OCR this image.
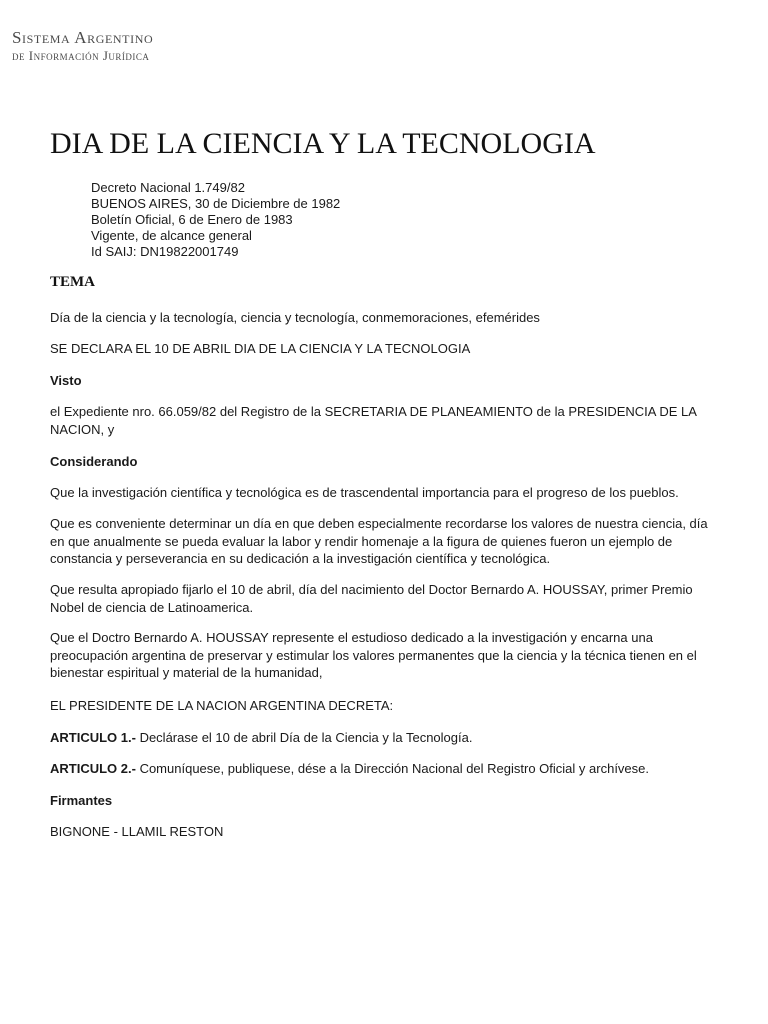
Sistema Argentino
de Información Jurídica
DIA DE LA CIENCIA Y LA TECNOLOGIA
Decreto Nacional 1.749/82
BUENOS AIRES, 30 de Diciembre de 1982
Boletín Oficial, 6 de Enero de 1983
Vigente, de alcance general
Id SAIJ: DN19822001749
TEMA

Día de la ciencia y la tecnología, ciencia y tecnología, conmemoraciones, efemérides

SE DECLARA EL 10 DE ABRIL DIA DE LA CIENCIA Y LA TECNOLOGIA

Visto

el Expediente nro. 66.059/82 del Registro de la SECRETARIA DE PLANEAMIENTO de la PRESIDENCIA DE LA NACION, y

Considerando

Que la investigación científica y tecnológica es de trascendental importancia para el progreso de los pueblos.

Que es conveniente determinar un día en que deben especialmente recordarse los valores de nuestra ciencia, día en que anualmente se pueda evaluar la labor y rendir homenaje a la figura de quienes fueron un ejemplo de constancia y perseverancia en su dedicación a la investigación científica y tecnológica.

Que resulta apropiado fijarlo el 10 de abril, día del nacimiento del Doctor Bernardo A. HOUSSAY, primer Premio Nobel de ciencia de Latinoamerica.

Que el Doctro Bernardo A. HOUSSAY represente el estudioso dedicado a la investigación y encarna una preocupación argentina de preservar y estimular los valores permanentes que la ciencia y la técnica tienen en el bienestar espiritual y material de la humanidad,

EL PRESIDENTE DE LA NACION ARGENTINA DECRETA:

ARTICULO 1.- Declárase el 10 de abril Día de la Ciencia y la Tecnología.

ARTICULO 2.- Comuníquese, publiquese, dése a la Dirección Nacional del Registro Oficial y archívese.

Firmantes

BIGNONE - LLAMIL RESTON
